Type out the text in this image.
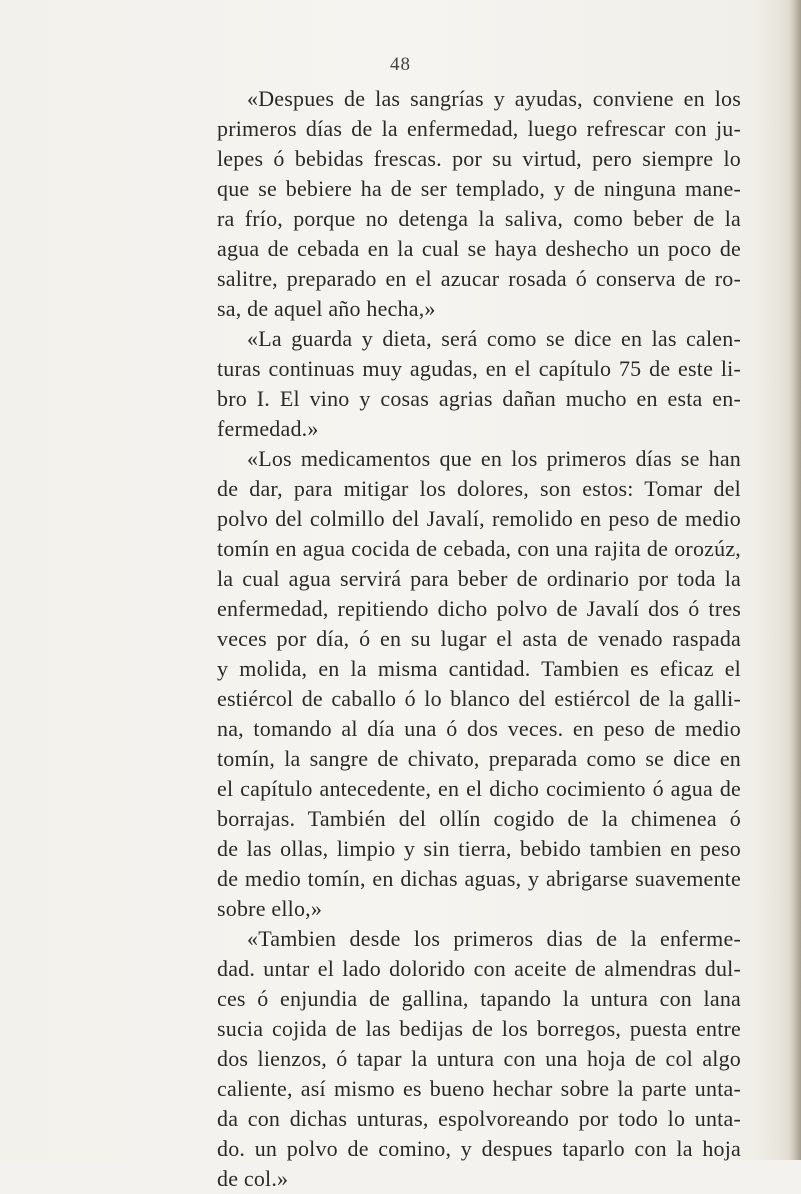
48
«Despues de las sangrías y ayudas, conviene en los
primeros días de la enfermedad, luego refrescar con ju-
lepes ó bebidas frescas. por su virtud, pero siempre lo
que se bebiere ha de ser templado, y de ninguna mane-
ra frío, porque no detenga la saliva, como beber de la
agua de cebada en la cual se haya deshecho un poco de
salitre, preparado en el azucar rosada ó conserva de ro-
sa, de aquel año hecha,»
«La guarda y dieta, será como se dice en las calen-
turas continuas muy agudas, en el capítulo 75 de este li-
bro I. El vino y cosas agrias dañan mucho en esta en-
fermedad.»
«Los medicamentos que en los primeros días se han
de dar, para mitigar los dolores, son estos: Tomar del
polvo del colmillo del Javalí, remolido en peso de medio
tomín en agua cocida de cebada, con una rajita de orozúz,
la cual agua servirá para beber de ordinario por toda la
enfermedad, repitiendo dicho polvo de Javalí dos ó tres
veces por día, ó en su lugar el asta de venado raspada
y molida, en la misma cantidad. Tambien es eficaz el
estiércol de caballo ó lo blanco del estiércol de la galli-
na, tomando al día una ó dos veces. en peso de medio
tomín, la sangre de chivato, preparada como se dice en
el capítulo antecedente, en el dicho cocimiento ó agua de
borrajas. También del ollín cogido de la chimenea ó
de las ollas, limpio y sin tierra, bebido tambien en peso
de medio tomín, en dichas aguas, y abrigarse suavemente
sobre ello,»
«Tambien desde los primeros dias de la enferme-
dad. untar el lado dolorido con aceite de almendras dul-
ces ó enjundia de gallina, tapando la untura con lana
sucia cojida de las bedijas de los borregos, puesta entre
dos lienzos, ó tapar la untura con una hoja de col algo
caliente, así mismo es bueno hechar sobre la parte unta-
da con dichas unturas, espolvoreando por todo lo unta-
do. un polvo de comino, y despues taparlo con la hoja
de col.»
